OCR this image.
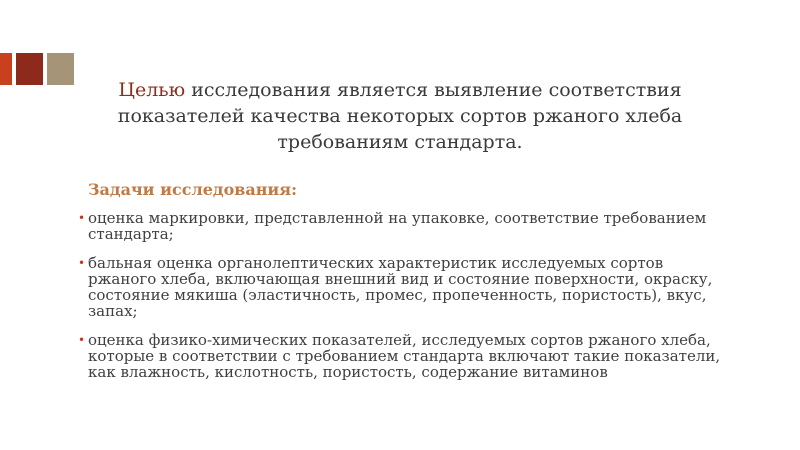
Целью исследования является выявление соответствия показателей качества некоторых сортов ржаного хлеба требованиям стандарта.
Задачи исследования:
• оценка маркировки, представленной на упаковке, соответствие требованием стандарта;
• бальная оценка органолептических характеристик исследуемых сортов ржаного хлеба, включающая внешний вид и состояние поверхности, окраску, состояние мякиша (эластичность, промес, пропеченность, пористость), вкус, запах;
• оценка физико-химических показателей, исследуемых сортов ржаного хлеба, которые в соответствии с требованием стандарта включают такие показатели, как влажность, кислотность, пористость, содержание витаминов
